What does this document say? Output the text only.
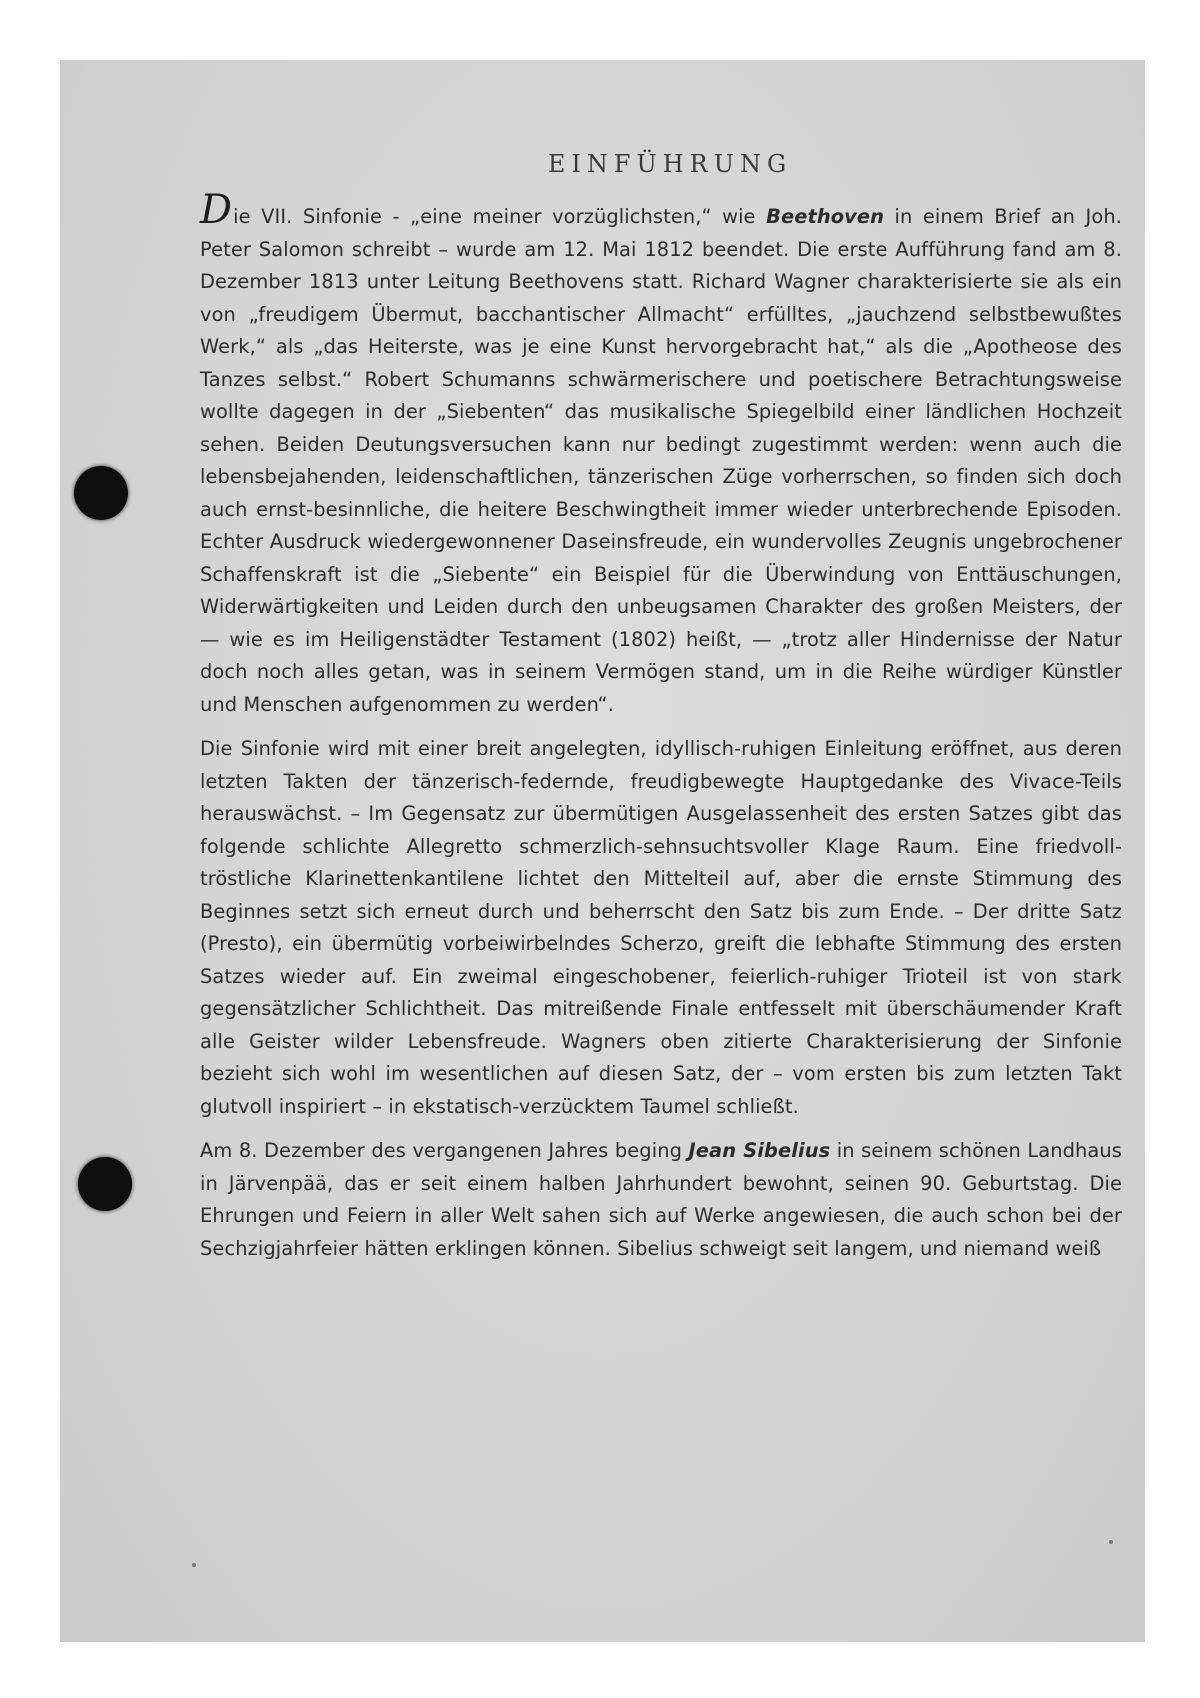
EINFÜHRUNG

Die VII. Sinfonie - „eine meiner vorzüglichsten,“ wie Beethoven in einem Brief an Joh. Peter Salomon schreibt – wurde am 12. Mai 1812 beendet. Die erste Aufführung fand am 8. Dezember 1813 unter Leitung Beethovens statt. Richard Wagner charakterisierte sie als ein von „freudigem Übermut, bacchantischer Allmacht“ erfülltes, „jauchzend selbstbewußtes Werk,“ als „das Heiterste, was je eine Kunst hervorgebracht hat,“ als die „Apotheose des Tanzes selbst.“ Robert Schumanns schwärmerischere und poetischere Betrachtungsweise wollte dagegen in der „Siebenten“ das musikalische Spiegelbild einer ländlichen Hochzeit sehen. Beiden Deutungsversuchen kann nur bedingt zugestimmt werden: wenn auch die lebensbejahenden, leidenschaftlichen, tänzerischen Züge vorherrschen, so finden sich doch auch ernst-besinnliche, die heitere Beschwingtheit immer wieder unterbrechende Episoden. Echter Ausdruck wiedergewonnener Daseinsfreude, ein wundervolles Zeugnis ungebrochener Schaffenskraft ist die „Siebente“ ein Beispiel für die Überwindung von Enttäuschungen, Widerwärtigkeiten und Leiden durch den unbeugsamen Charakter des großen Meisters, der — wie es im Heiligenstädter Testament (1802) heißt, — „trotz aller Hindernisse der Natur doch noch alles getan, was in seinem Vermögen stand, um in die Reihe würdiger Künstler und Menschen aufgenommen zu werden“.

Die Sinfonie wird mit einer breit angelegten, idyllisch-ruhigen Einleitung eröffnet, aus deren letzten Takten der tänzerisch-federnde, freudigbewegte Hauptgedanke des Vivace-Teils herauswächst. – Im Gegensatz zur übermütigen Ausgelassenheit des ersten Satzes gibt das folgende schlichte Allegretto schmerzlich-sehnsuchtsvoller Klage Raum. Eine friedvoll-tröstliche Klarinettenkantilene lichtet den Mittelteil auf, aber die ernste Stimmung des Beginnes setzt sich erneut durch und beherrscht den Satz bis zum Ende. – Der dritte Satz (Presto), ein übermütig vorbeiwirbelndes Scherzo, greift die lebhafte Stimmung des ersten Satzes wieder auf. Ein zweimal eingeschobener, feierlich-ruhiger Trioteil ist von stark gegensätzlicher Schlichtheit. Das mitreißende Finale entfesselt mit überschäumender Kraft alle Geister wilder Lebensfreude. Wagners oben zitierte Charakterisierung der Sinfonie bezieht sich wohl im wesentlichen auf diesen Satz, der – vom ersten bis zum letzten Takt glutvoll inspiriert – in ekstatisch-verzücktem Taumel schließt.

Am 8. Dezember des vergangenen Jahres beging Jean Sibelius in seinem schönen Landhaus in Järvenpää, das er seit einem halben Jahrhundert bewohnt, seinen 90. Geburtstag. Die Ehrungen und Feiern in aller Welt sahen sich auf Werke angewiesen, die auch schon bei der Sechzigjahrfeier hätten erklingen können. Sibelius schweigt seit langem, und niemand weiß
